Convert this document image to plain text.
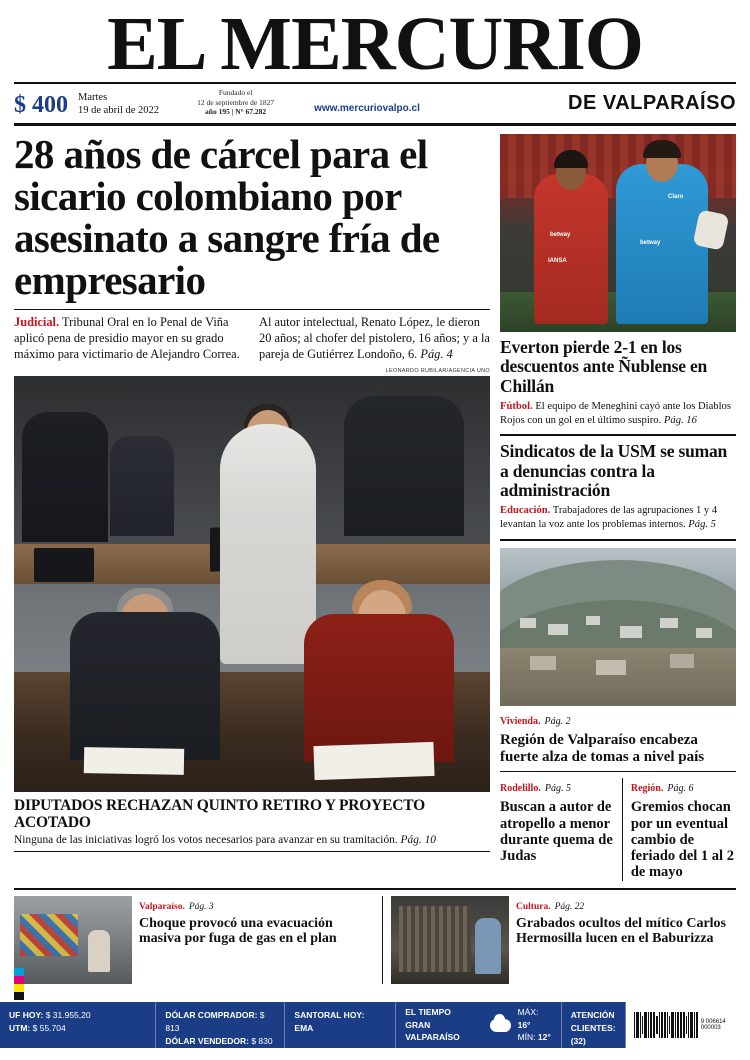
EL MERCURIO
DE VALPARAÍSO
$ 400 Martes
19 de abril de 2022
Fundado el
12 de septiembre de 1827
año 195 | N° 67.282	www.mercuriovalpo.cl
28 años de cárcel para el sicario colombiano por asesinato a sangre fría de empresario
Judicial. Tribunal Oral en lo Penal de Viña aplicó pena de presidio mayor en su grado máximo para victimario de Alejandro Correa.
Al autor intelectual, Renato López, le dieron 20 años; al chofer del pistolero, 16 años; y a la pareja de Gutiérrez Londoño, 6. Pág. 4
LEONARDO RUBILAR/AGENCIA UNO
DIPUTADOS RECHAZAN QUINTO RETIRO Y PROYECTO ACOTADO
Ninguna de las iniciativas logró los votos necesarios para avanzar en su tramitación. Pág. 10
betway
IANSA
Claro
betway
Everton pierde 2-1 en los descuentos ante Ñublense en Chillán
Fútbol. El equipo de Meneghini cayó ante los Diablos Rojos con un gol en el último suspiro. Pág. 16
Sindicatos de la USM se suman a denuncias contra la administración
Educación. Trabajadores de las agrupaciones 1 y 4 levantan la voz ante los problemas internos. Pág. 5
Vivienda. Pág. 2
Región de Valparaíso encabeza fuerte alza de tomas a nivel país
Rodelillo. Pág. 5
Buscan a autor de atropello a menor durante quema de Judas
Región. Pág. 6
Gremios chocan por un eventual cambio de feriado del 1 al 2 de mayo
Valparaíso. Pág. 3
Choque provocó una evacuación masiva por fuga de gas en el plan
Cultura. Pág. 22
Grabados ocultos del mítico Carlos Hermosilla lucen en el Baburizza
UF HOY: $ 31.955,20
UTM: $ 55.704
DÓLAR COMPRADOR: $ 813
DÓLAR VENDEDOR: $ 830
SANTORAL HOY:
EMA
EL TIEMPO
GRAN VALPARAÍSO
MÁX: 16°
MÍN: 12°
ATENCIÓN CLIENTES:
(32) 2264123
9 006614 000003
